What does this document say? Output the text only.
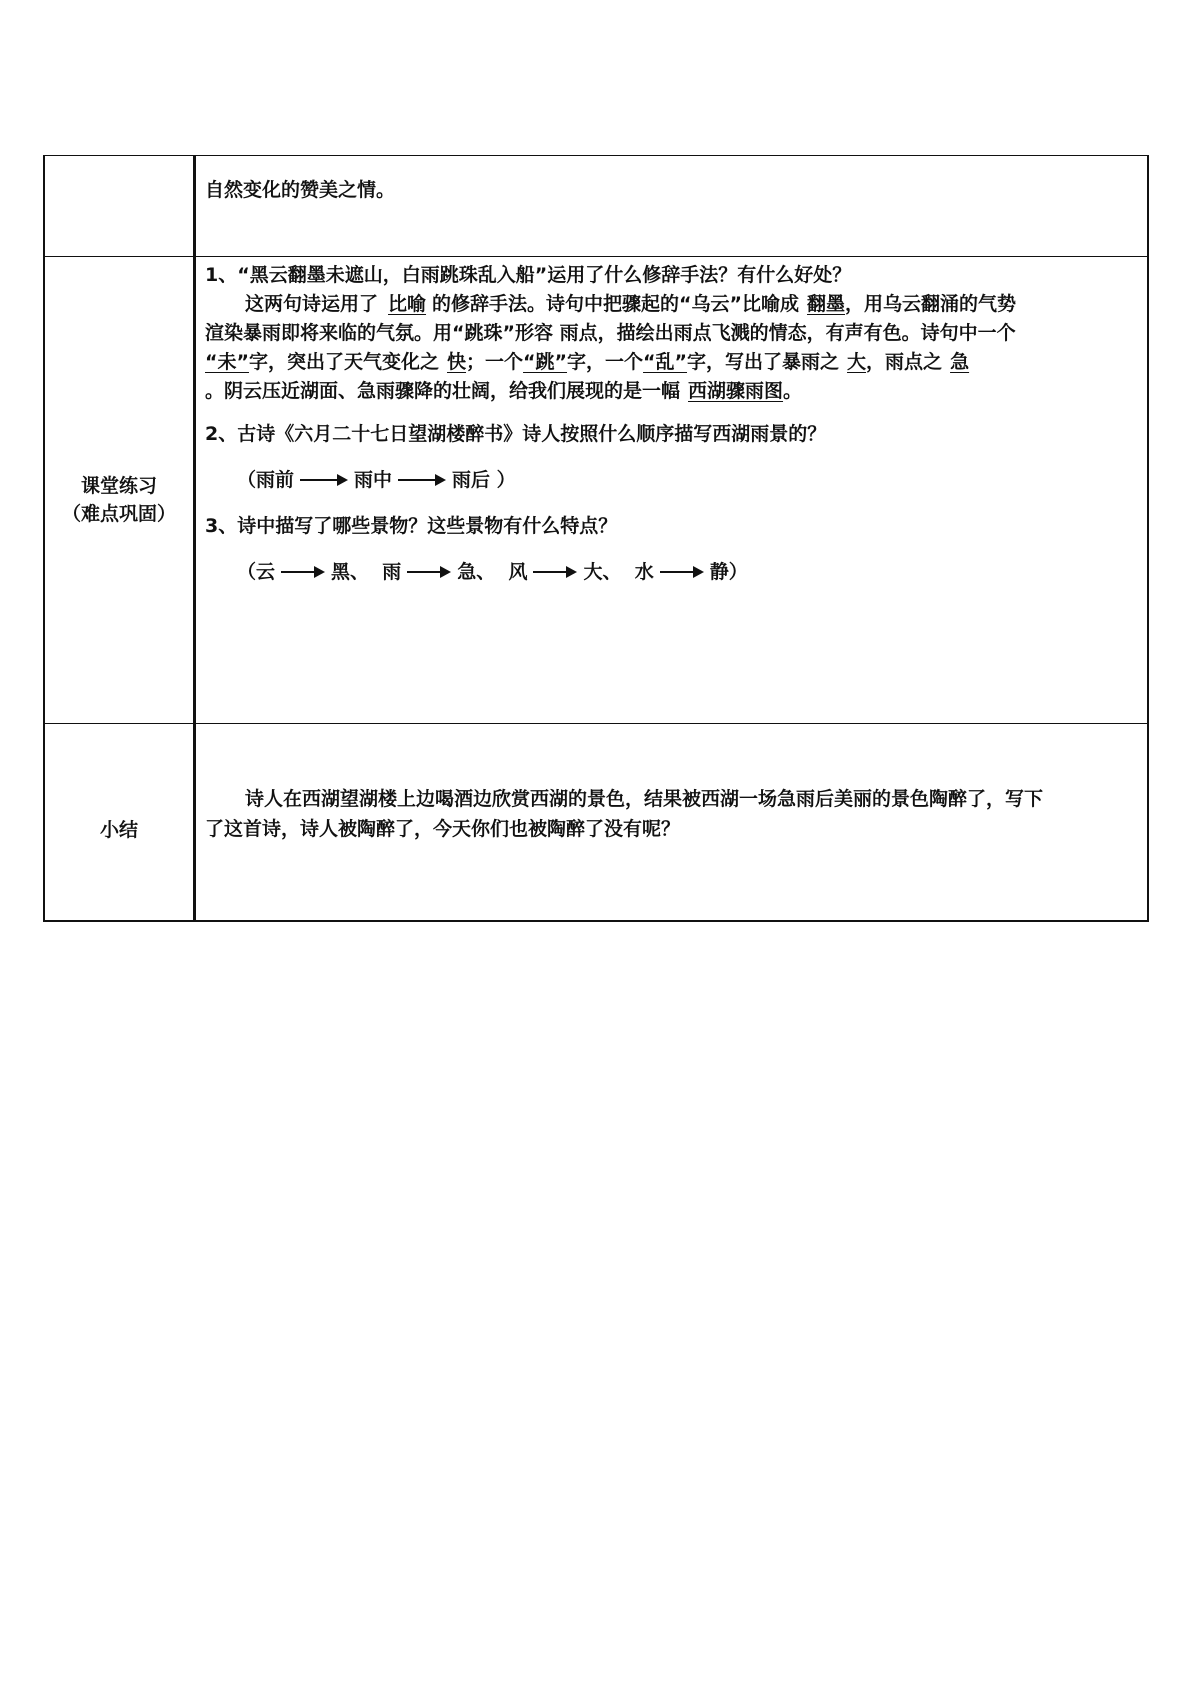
自然变化的赞美之情。
课堂练习
（难点巩固）
1、“黑云翻墨未遮山，白雨跳珠乱入船”运用了什么修辞手法？有什么好处？
这两句诗运用了 比喻 的修辞手法。诗句中把骤起的“乌云”比喻成 翻墨，用乌云翻涌的气势
渲染暴雨即将来临的气氛。用“跳珠”形容 雨点，描绘出雨点飞溅的情态，有声有色。诗句中一个
“未”字，突出了天气变化之 快；一个“跳”字，一个“乱”字，写出了暴雨之 大，雨点之 急
。阴云压近湖面、急雨骤降的壮阔，给我们展现的是一幅 西湖骤雨图。
2、古诗《六月二十七日望湖楼醉书》诗人按照什么顺序描写西湖雨景的？
（雨前	雨中	雨后 ）
3、诗中描写了哪些景物？这些景物有什么特点？
（云	黑、  雨	急、  风	大、  水	静）
小结
诗人在西湖望湖楼上边喝酒边欣赏西湖的景色，结果被西湖一场急雨后美丽的景色陶醉了，写下
了这首诗，诗人被陶醉了，今天你们也被陶醉了没有呢？
